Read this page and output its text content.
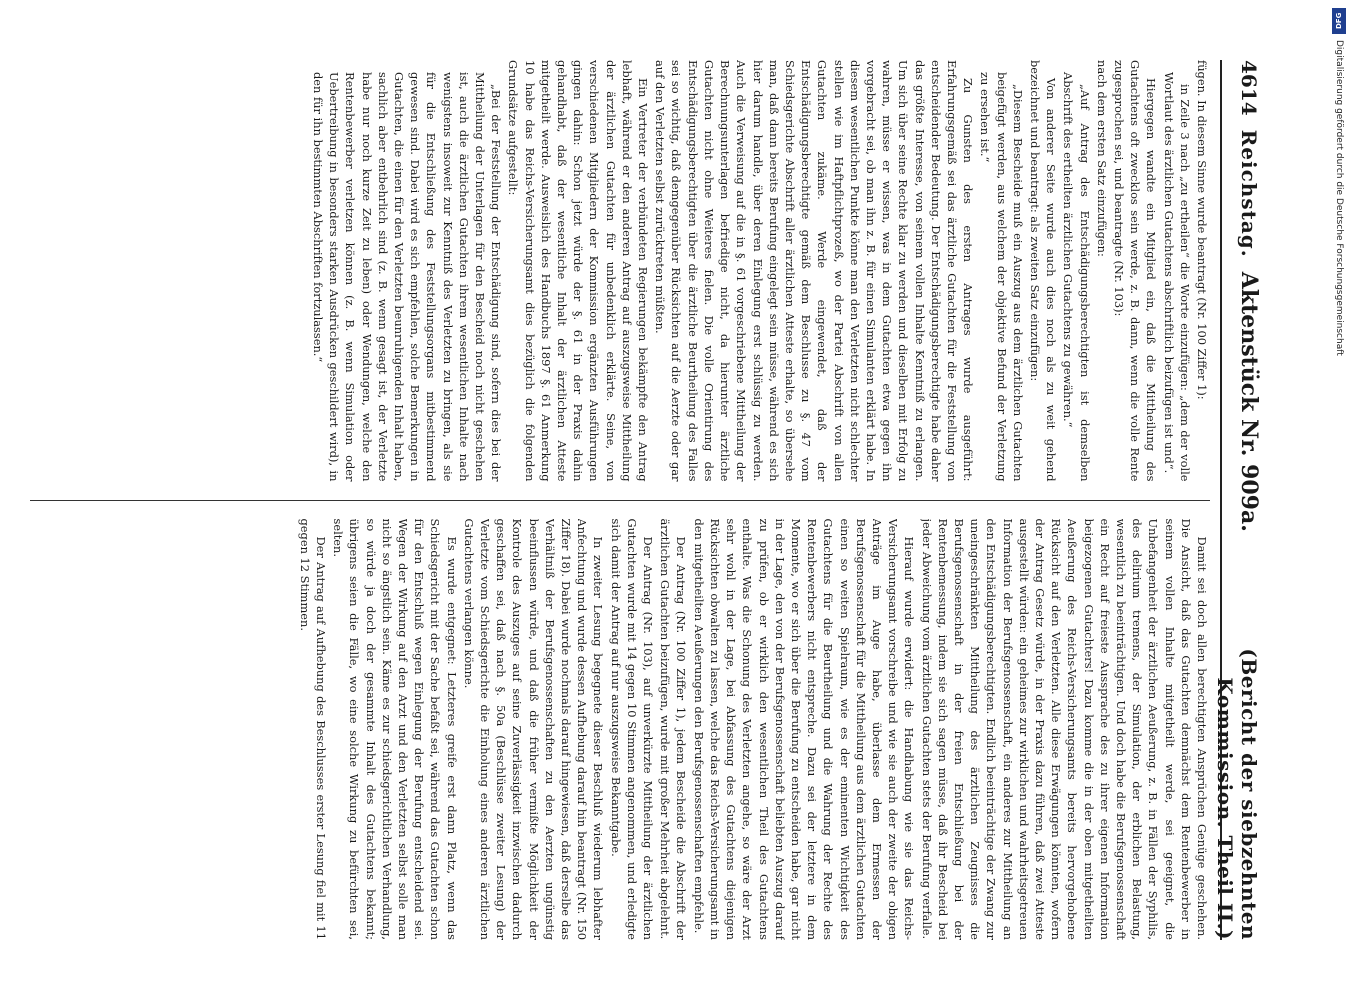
4614
Reichstag.
Aktenstück Nr. 909a.
(Bericht der siebzehnten Kommission. Theil II.)

fügen. In diesem Sinne wurde beantragt (Nr. 100 Ziffer 1):

in Zeile 3 nach „zu ertheilen“ die Worte einzufügen: „dem der volle Wortlaut des ärztlichen Gutachtens abschriftlich beizufügen ist und“.

Hiergegen wandte ein Mitglied ein, daß die Mittheilung des Gutachtens oft zwecklos sein werde, z. B. dann, wenn die volle Rente zugesprochen sei, und beantragte (Nr. 103):

nach dem ersten Satz einzufügen:

„Auf Antrag des Entschädigungsberechtigten ist demselben Abschrift des ertheilten ärztlichen Gutachtens zu gewähren.“

Von anderer Seite wurde auch dies noch als zu weit gehend bezeichnet und beantragt: als zweiten Satz einzufügen:

„Diesem Bescheide muß ein Auszug aus dem ärztlichen Gutachten beigefügt werden, aus welchem der objektive Befund der Verletzung zu ersehen ist.“

Zu Gunsten des ersten Antrages wurde ausgeführt: Erfahrungsgemäß sei das ärztliche Gutachten für die Feststellung von entscheidender Bedeutung. Der Entschädigungsberechtigte habe daher das größte Interesse, von seinem vollen Inhalte Kenntniß zu erlangen. Um sich über seine Rechte klar zu werden und dieselben mit Erfolg zu wahren, müsse er wissen, was in dem Gutachten etwa gegen ihn vorgebracht sei, ob man ihn z. B. für einen Simulanten erklärt habe. In diesem wesentlichen Punkte könne man den Verletzten nicht schlechter stellen wie im Haftpflichtprozeß, wo der Partei Abschrift von allen Gutachten zukäme. Werde eingewendet, daß der Entschädigungsberechtigte gemäß dem Beschlusse zu §. 47 vom Schiedsgerichte Abschrift aller ärztlichen Atteste erhalte, so übersehe man, daß dann bereits Berufung eingelegt sein müsse, während es sich hier darum handle, über deren Einlegung erst schlüssig zu werden. Auch die Verweisung auf die in §. 61 vorgeschriebene Mittheilung der Berechnungsunterlagen befriedige nicht, da hierunter ärztliche Gutachten nicht ohne Weiteres fielen. Die volle Orientirung des Entschädigungsberechtigten über die ärztliche Beurtheilung des Falles sei so wichtig, daß demgegenüber Rücksichten auf die Aerzte oder gar auf den Verletzten selbst zurücktreten müßten.

Ein Vertreter der verbündeten Regierungen bekämpfte den Antrag lebhaft, während er den anderen Antrag auf auszugsweise Mittheilung der ärztlichen Gutachten für unbedenklich erklärte. Seine, von verschiedenen Mitgliedern der Kommission ergänzten Ausführungen gingen dahin: Schon jetzt würde der §. 61 in der Praxis dahin gehandhabt, daß der wesentliche Inhalt der ärztlichen Atteste mitgetheilt werde. Ausweislich des Handbuchs 1897 §. 61 Anmerkung 10 habe das Reichs-Versicherungsamt dies bezüglich die folgenden Grundsätze aufgestellt:

„Bei der Feststellung der Entschädigung sind, sofern dies bei der Mittheilung der Unterlagen für den Bescheid noch nicht geschehen ist, auch die ärztlichen Gutachten ihrem wesentlichen Inhalte nach wenigstens insoweit zur Kenntniß des Verletzten zu bringen, als sie für die Entschließung des Feststellungsorgans mitbestimmend gewesen sind. Dabei wird es sich empfehlen, solche Bemerkungen in Gutachten, die einen für den Verletzten beunruhigenden Inhalt haben, sachlich aber entbehrlich sind (z. B. wenn gesagt ist, der Verletzte habe nur noch kurze Zeit zu leben) oder Wendungen, welche den Rentenbewerber verletzen können (z. B. wenn Simulation oder Uebertreibung in besonders starken Ausdrücken geschildert wird), in den für ihn bestimmten Abschriften fortzulassen.“

Damit sei doch allen berechtigten Ansprüchen Genüge geschehen. Die Ansicht, daß das Gutachten demnächst dem Rentenbewerber in seinem vollen Inhalte mitgetheilt werde, sei geeignet, die Unbefangenheit der ärztlichen Aeußerung, z. B. in Fällen der Syphilis, des delirium tremens, der Simulation, der erblichen Belastung, wesentlich zu beeinträchtigen. Und doch habe die Berufsgenossenschaft ein Recht auf freieste Aussprache des zu ihrer eigenen Information beigezogenen Gutachters! Dazu komme die in der oben mitgetheilten Aeußerung des Reichs-Versicherungsamts bereits hervorgehobene Rücksicht auf den Verletzten. Alle diese Erwägungen könnten, wofern der Antrag Gesetz würde, in der Praxis dazu führen, daß zwei Atteste ausgestellt würden: ein geheimes zur wirklichen und wahrheitsgetreuen Information der Berufsgenossenschaft, ein anderes zur Mittheilung an den Entschädigungsberechtigten. Endlich beeinträchtige der Zwang zur uneingeschränkten Mittheilung des ärztlichen Zeugnisses die Berufsgenossenschaft in der freien Entschließung bei der Rentenbemessung, indem sie sich sagen müsse, daß ihr Bescheid bei jeder Abweichung vom ärztlichen Gutachten stets der Berufung verfalle.

Hierauf wurde erwidert: die Handhabung wie sie das Reichs-Versicherungsamt vorschreibe und wie sie auch der zweite der obigen Anträge im Auge habe, überlasse dem Ermessen der Berufsgenossenschaft für die Mittheilung aus dem ärztlichen Gutachten einen so weiten Spielraum, wie es der eminenten Wichtigkeit des Gutachtens für die Beurtheilung und die Wahrung der Rechte des Rentenbewerbers nicht entspreche. Dazu sei der letztere in dem Momente, wo er sich über die Berufung zu entscheiden habe, gar nicht in der Lage, den von der Berufsgenossenschaft beliebten Auszug darauf zu prüfen, ob er wirklich den wesentlichen Theil des Gutachtens enthalte. Was die Schonung des Verletzten angehe, so wäre der Arzt sehr wohl in der Lage, bei Abfassung des Gutachtens diejenigen Rücksichten obwalten zu lassen, welche das Reichs-Versicherungsamt in den mitgetheilten Aeußerungen den Berufsgenossenschaften empfehle.

Der Antrag (Nr. 100 Ziffer 1), jedem Bescheide die Abschrift der ärztlichen Gutachten beizufügen, wurde mit großer Mehrheit abgelehnt.

Der Antrag (Nr. 103), auf unverkürzte Mittheilung der ärztlichen Gutachten wurde mit 14 gegen 10 Stimmen angenommen, und erledigte sich damit der Antrag auf nur auszugsweise Bekanntgabe.

In zweiter Lesung begegnete dieser Beschluß wiederum lebhafter Anfechtung und wurde dessen Aufhebung darauf hin beantragt (Nr. 150 Ziffer 18). Dabei wurde nochmals darauf hingewiesen, daß derselbe das Verhältniß der Berufsgenossenschaften zu den Aerzten ungünstig beeinflussen würde, und daß die früher vermißte Möglichkeit der Kontrole des Auszuges auf seine Zuverlässigkeit inzwischen dadurch geschaffen sei, daß nach §. 50a (Beschlüsse zweiter Lesung) der Verletzte vom Schiedsgerichte die Einholung eines anderen ärztlichen Gutachtens verlangen könne.

Es wurde entgegnet: Letzteres greife erst dann Platz, wenn das Schiedsgericht mit der Sache befaßt sei, während das Gutachten schon für den Entschluß wegen Einlegung der Berufung entscheidend sei. Wegen der Wirkung auf den Arzt und den Verletzten selbst solle man nicht so ängstlich sein. Käme es zur schiedsgerichtlichen Verhandlung, so würde ja doch der gesammte Inhalt des Gutachtens bekannt; übrigens seien die Fälle, wo eine solche Wirkung zu befürchten sei, selten.

Der Antrag auf Aufhebung des Beschlusses erster Lesung fiel mit 11 gegen 12 Stimmen.

DFG
Digitalisierung gefördert durch die Deutsche Forschungsgemeinschaft
